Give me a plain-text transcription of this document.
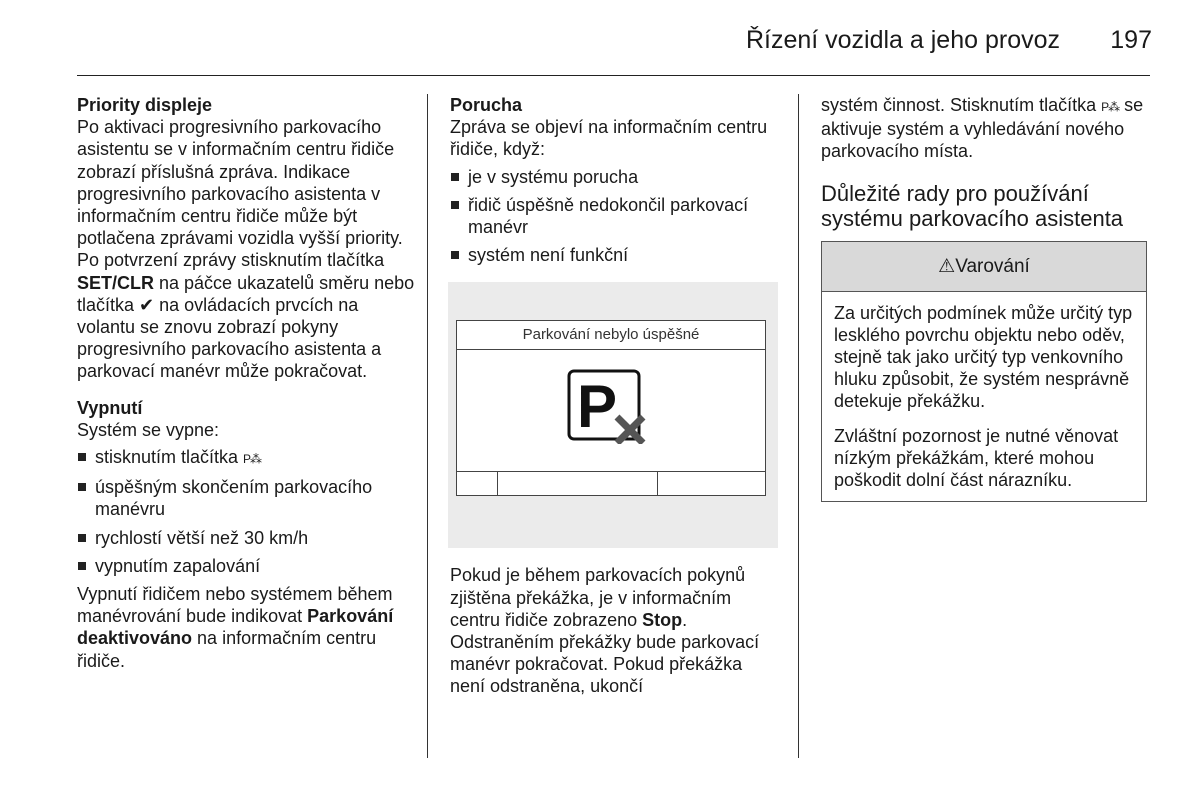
Řízení vozidla a jeho provoz	197

Priority displeje

Po aktivaci progresivního parkovacího asistentu se v informačním centru řidiče zobrazí příslušná zpráva. Indikace progresivního parkovacího asistenta v informačním centru řidiče může být potlačena zprávami vozidla vyšší priority. Po potvrzení zprávy stisknutím tlačítka SET/CLR na páčce ukazatelů směru nebo tlačítka ✔ na ovládacích prvcích na volantu se znovu zobrazí pokyny progresivního parkovacího asistenta a parkovací manévr může pokračovat.

Vypnutí

Systém se vypne:

stisknutím tlačítka P⁂
úspěšným skončením parkovacího manévru
rychlostí větší než 30 km/h
vypnutím zapalování

Vypnutí řidičem nebo systémem během manévrování bude indikovat Parkování deaktivováno na informačním centru řidiče.

Porucha

Zpráva se objeví na informačním centru řidiče, když:

je v systému porucha
řidič úspěšně nedokončil parkovací manévr
systém není funkční
Parkování nebylo úspěšné
P

Pokud je během parkovacích pokynů zjištěna překážka, je v informačním centru řidiče zobrazeno Stop. Odstraněním překážky bude parkovací manévr pokračovat. Pokud překážka není odstraněna, ukončí

systém činnost. Stisknutím tlačítka P⁂ se aktivuje systém a vyhledávání nového parkovacího místa.

Důležité rady pro používání systému parkovacího asistenta
⚠Varování

Za určitých podmínek může určitý typ lesklého povrchu objektu nebo oděv, stejně tak jako určitý typ venkovního hluku způsobit, že systém nesprávně detekuje překážku.

Zvláštní pozornost je nutné věnovat nízkým překážkám, které mohou poškodit dolní část nárazníku.
